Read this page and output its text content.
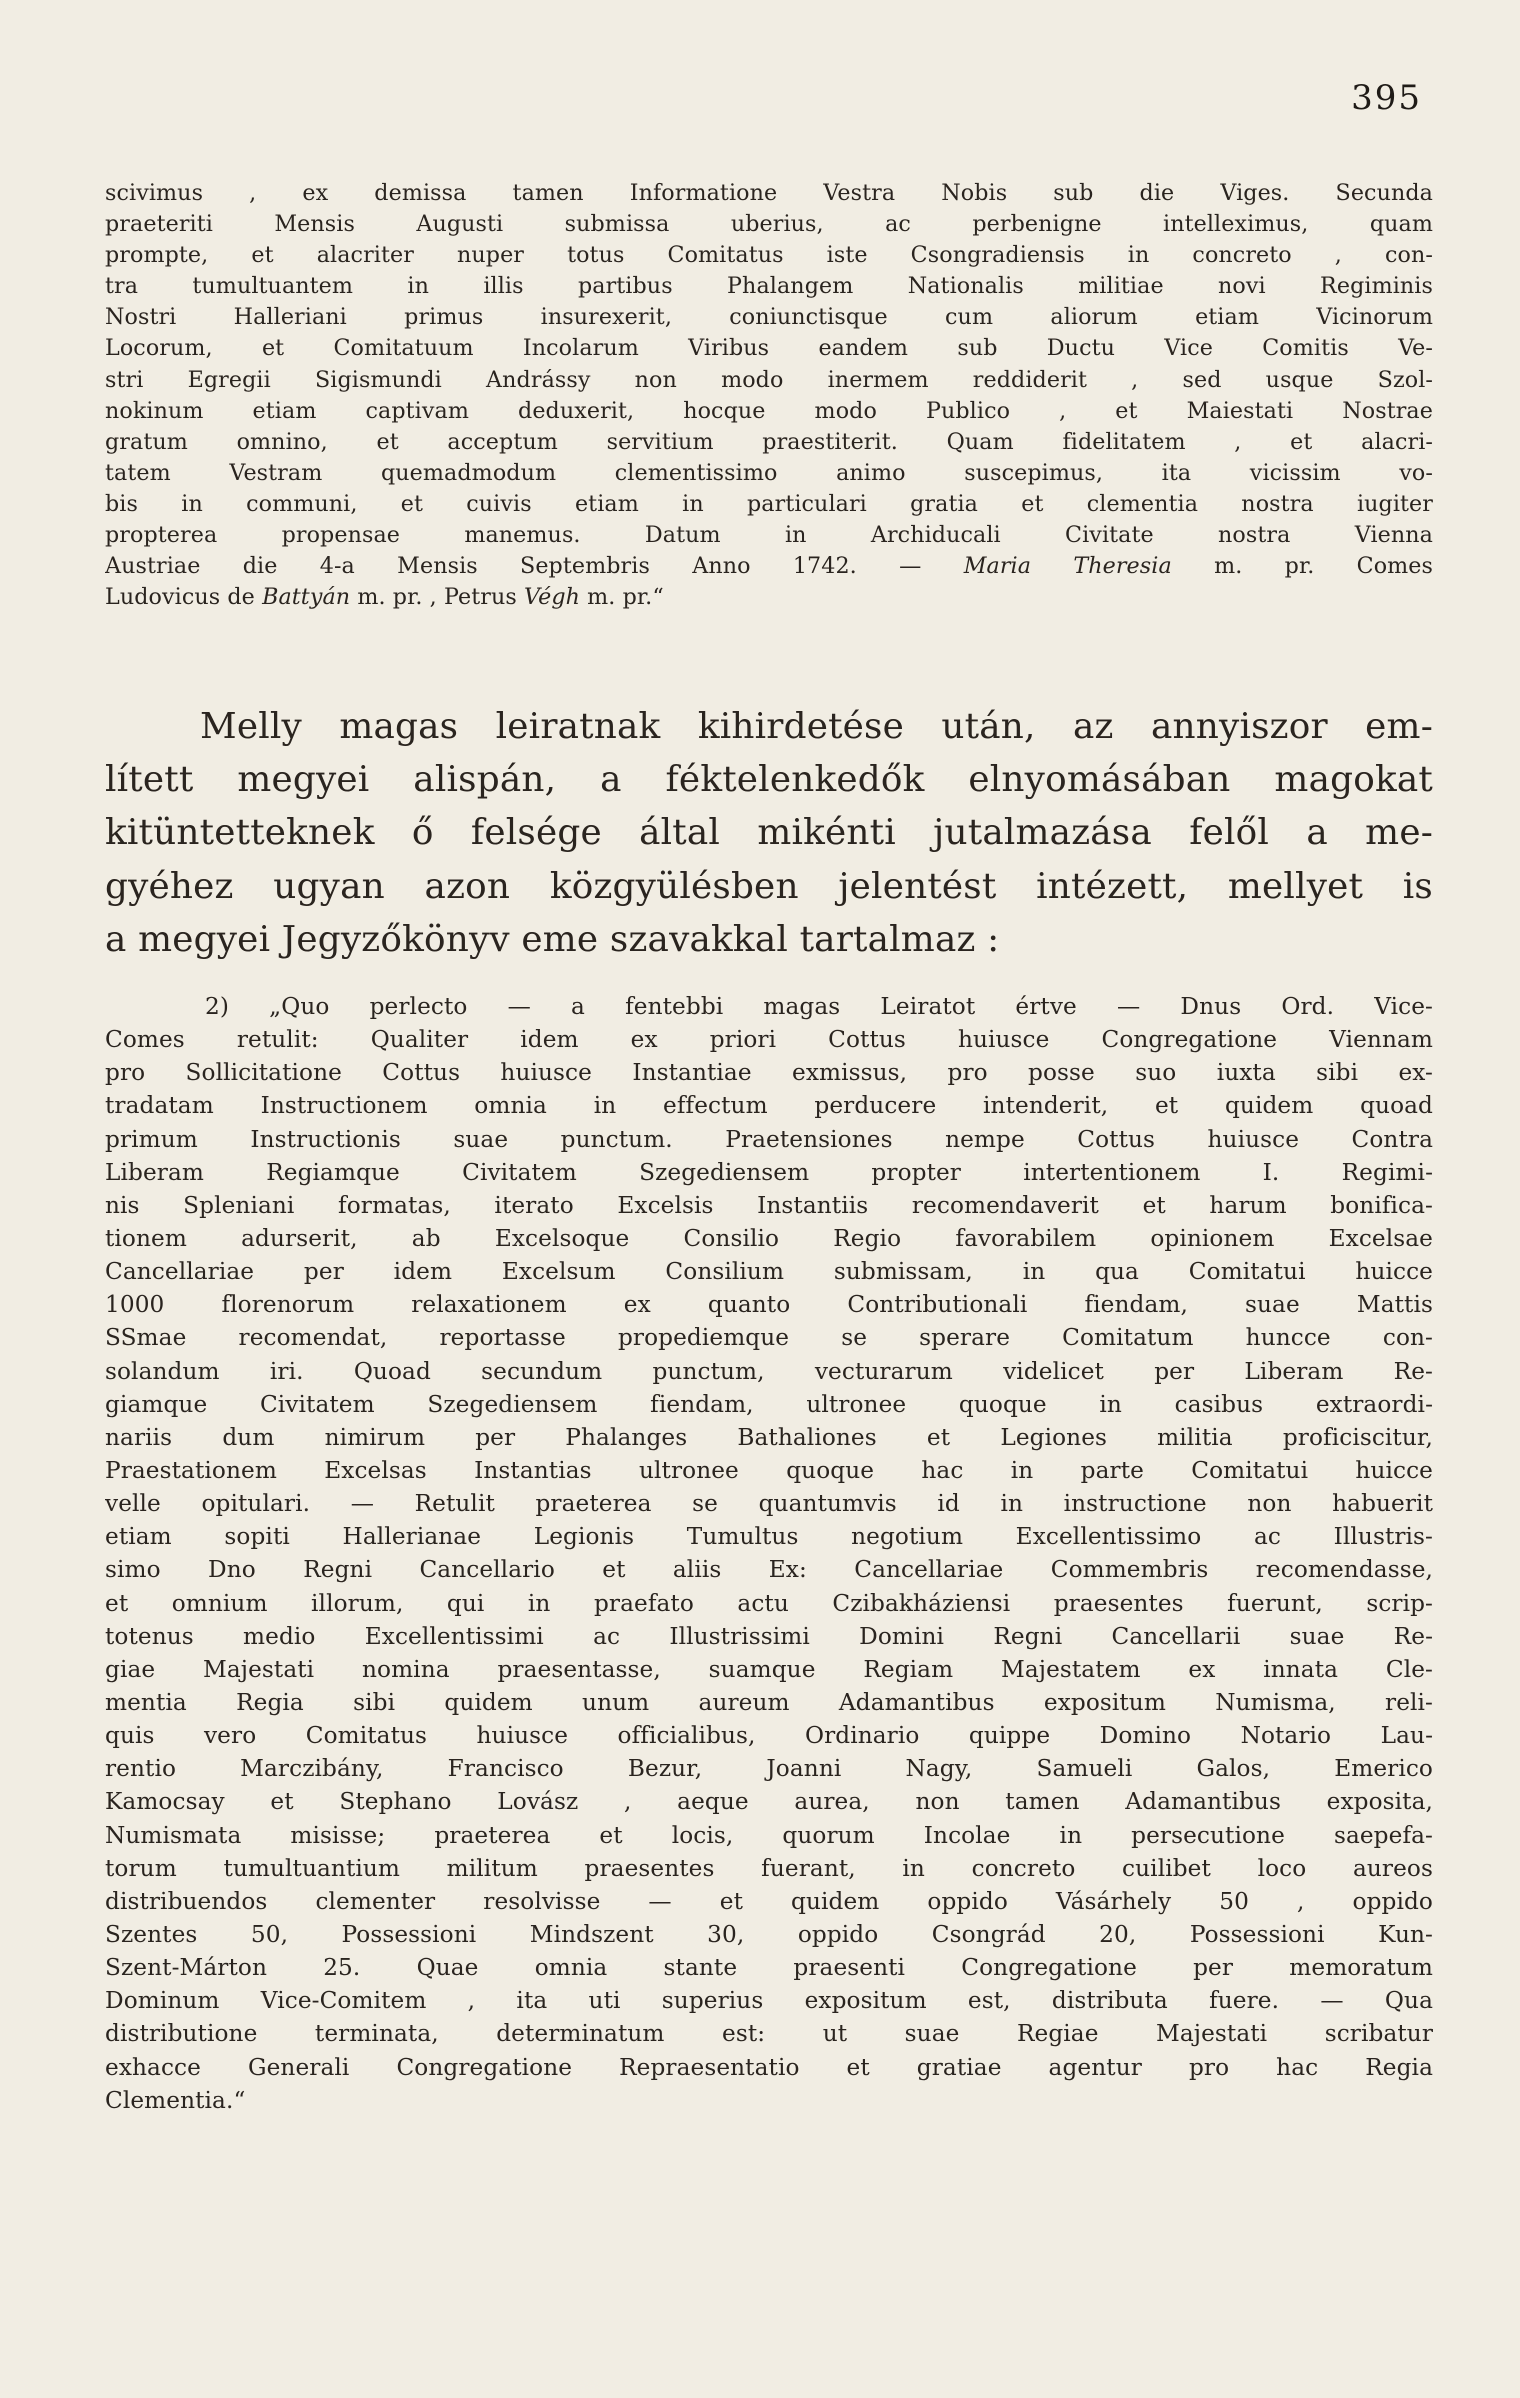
395
scivimus , ex demissa tamen Informatione Vestra Nobis sub die Viges. Secunda
praeteriti Mensis Augusti submissa uberius, ac perbenigne intelleximus, quam
prompte, et alacriter nuper totus Comitatus iste Csongradiensis in concreto , con-
tra tumultuantem in illis partibus Phalangem Nationalis militiae novi Regiminis
Nostri Halleriani primus insurexerit, coniunctisque cum aliorum etiam Vicinorum
Locorum, et Comitatuum Incolarum Viribus eandem sub Ductu Vice Comitis Ve-
stri Egregii Sigismundi Andrássy non modo inermem reddiderit , sed usque Szol-
nokinum etiam captivam deduxerit, hocque modo Publico , et Maiestati Nostrae
gratum omnino, et acceptum servitium praestiterit. Quam fidelitatem , et alacri-
tatem Vestram quemadmodum clementissimo animo suscepimus, ita vicissim vo-
bis in communi, et cuivis etiam in particulari gratia et clementia nostra iugiter
propterea propensae manemus. Datum in Archiducali Civitate nostra Vienna
Austriae die 4-a Mensis Septembris Anno 1742. — Maria Theresia m. pr. Comes
Ludovicus de Battyán m. pr. , Petrus Végh m. pr.“
Melly magas leiratnak kihirdetése után, az annyiszor em-
lített megyei alispán, a féktelenkedők elnyomásában magokat
kitüntetteknek ő felsége által mikénti jutalmazása felől a me-
gyéhez ugyan azon közgyülésben jelentést intézett, mellyet is
a megyei Jegyzőkönyv eme szavakkal tartalmaz :
2) „Quo perlecto — a fentebbi magas Leiratot értve — Dnus Ord. Vice-
Comes retulit: Qualiter idem ex priori Cottus huiusce Congregatione Viennam
pro Sollicitatione Cottus huiusce Instantiae exmissus, pro posse suo iuxta sibi ex-
tradatam Instructionem omnia in effectum perducere intenderit, et quidem quoad
primum Instructionis suae punctum. Praetensiones nempe Cottus huiusce Contra
Liberam Regiamque Civitatem Szegediensem propter intertentionem I. Regimi-
nis Spleniani formatas, iterato Excelsis Instantiis recomendaverit et harum bonifica-
tionem adurserit, ab Excelsoque Consilio Regio favorabilem opinionem Excelsae
Cancellariae per idem Excelsum Consilium submissam, in qua Comitatui huicce
1000 florenorum relaxationem ex quanto Contributionali fiendam, suae Mattis
SSmae recomendat, reportasse propediemque se sperare Comitatum huncce con-
solandum iri. Quoad secundum punctum, vecturarum videlicet per Liberam Re-
giamque Civitatem Szegediensem fiendam, ultronee quoque in casibus extraordi-
nariis dum nimirum per Phalanges Bathaliones et Legiones militia proficiscitur,
Praestationem Excelsas Instantias ultronee quoque hac in parte Comitatui huicce
velle opitulari. — Retulit praeterea se quantumvis id in instructione non habuerit
etiam sopiti Hallerianae Legionis Tumultus negotium Excellentissimo ac Illustris-
simo Dno Regni Cancellario et aliis Ex: Cancellariae Commembris recomendasse,
et omnium illorum, qui in praefato actu Czibakháziensi praesentes fuerunt, scrip-
totenus medio Excellentissimi ac Illustrissimi Domini Regni Cancellarii suae Re-
giae Majestati nomina praesentasse, suamque Regiam Majestatem ex innata Cle-
mentia Regia sibi quidem unum aureum Adamantibus expositum Numisma, reli-
quis vero Comitatus huiusce officialibus, Ordinario quippe Domino Notario Lau-
rentio Marczibány, Francisco Bezur, Joanni Nagy, Samueli Galos, Emerico
Kamocsay et Stephano Lovász , aeque aurea, non tamen Adamantibus exposita,
Numismata misisse; praeterea et locis, quorum Incolae in persecutione saepefa-
torum tumultuantium militum praesentes fuerant, in concreto cuilibet loco aureos
distribuendos clementer resolvisse — et quidem oppido Vásárhely 50 , oppido
Szentes 50, Possessioni Mindszent 30, oppido Csongrád 20, Possessioni Kun-
Szent-Márton 25. Quae omnia stante praesenti Congregatione per memoratum
Dominum Vice-Comitem , ita uti superius expositum est, distributa fuere. — Qua
distributione terminata, determinatum est: ut suae Regiae Majestati scribatur
exhacce Generali Congregatione Repraesentatio et gratiae agentur pro hac Regia
Clementia.“
